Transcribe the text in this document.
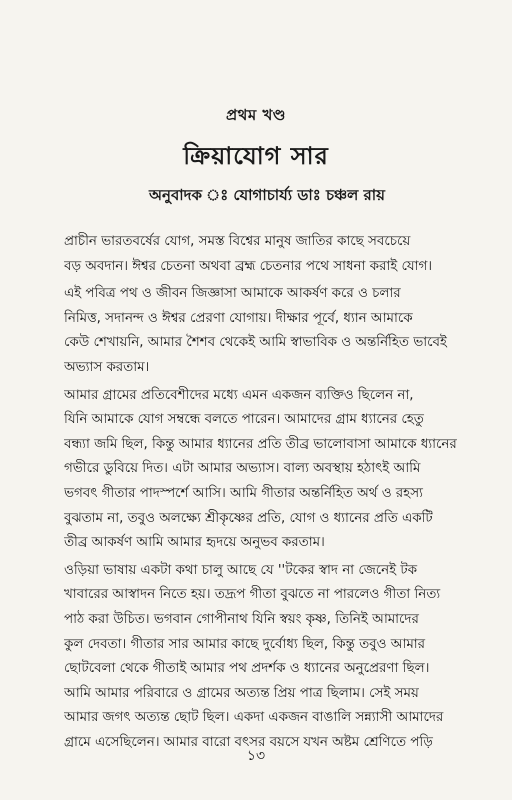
প্রথম খণ্ড
ক্রিয়াযোগ সার
অনুবাদক ঃ যোগাচার্য্য ডাঃ চঞ্চল রায়
প্রাচীন ভারতবর্ষের যোগ, সমস্ত বিশ্বের মানুষ জাতির কাছে সবচেয়ে
বড় অবদান। ঈশ্বর চেতনা অথবা ব্রহ্ম চেতনার পথে সাধনা করাই যোগ।
এই পবিত্র পথ ও জীবন জিজ্ঞাসা আমাকে আকর্ষণ করে ও চলার
নিমিত্ত, সদানন্দ ও ঈশ্বর প্রেরণা যোগায়। দীক্ষার পূর্বে, ধ্যান আমাকে
কেউ শেখায়নি, আমার শৈশব থেকেই আমি স্বাভাবিক ও অন্তর্নিহিত ভাবেই
অভ্যাস করতাম।
আমার গ্রামের প্রতিবেশীদের মধ্যে এমন একজন ব্যক্তিও ছিলেন না,
যিনি আমাকে যোগ সম্বন্ধে বলতে পারেন। আমাদের গ্রাম ধ্যানের হেতু
বন্ধ্যা জমি ছিল, কিন্তু আমার ধ্যানের প্রতি তীব্র ভালোবাসা আমাকে ধ্যানের
গভীরে ডুবিয়ে দিত। এটা আমার অভ্যাস। বাল্য অবস্থায় হঠাৎই আমি
ভগবৎ গীতার পাদস্পর্শে আসি। আমি গীতার অন্তর্নিহিত অর্থ ও রহস্য
বুঝতাম না, তবুও অলক্ষ্যে শ্রীকৃষ্ণের প্রতি, যোগ ও ধ্যানের প্রতি একটি
তীব্র আকর্ষণ আমি আমার হৃদয়ে অনুভব করতাম।
ওড়িয়া ভাষায় একটা কথা চালু আছে যে ''টকের স্বাদ না জেনেই টক
খাবারের আস্বাদন নিতে হয়। তদ্রূপ গীতা বুঝতে না পারলেও গীতা নিত্য
পাঠ করা উচিত। ভগবান গোপীনাথ যিনি স্বয়ং কৃষ্ণ, তিনিই আমাদের
কুল দেবতা। গীতার সার আমার কাছে দুর্বোধ্য ছিল, কিন্তু তবুও আমার
ছোটবেলা থেকে গীতাই আমার পথ প্রদর্শক ও ধ্যানের অনুপ্রেরণা ছিল।
আমি আমার পরিবারে ও গ্রামের অত্যন্ত প্রিয় পাত্র ছিলাম। সেই সময়
আমার জগৎ অত্যন্ত ছোট ছিল। একদা একজন বাঙালি সন্ন্যাসী আমাদের
গ্রামে এসেছিলেন। আমার বারো বৎসর বয়সে যখন অষ্টম শ্রেণিতে পড়ি
১৩
